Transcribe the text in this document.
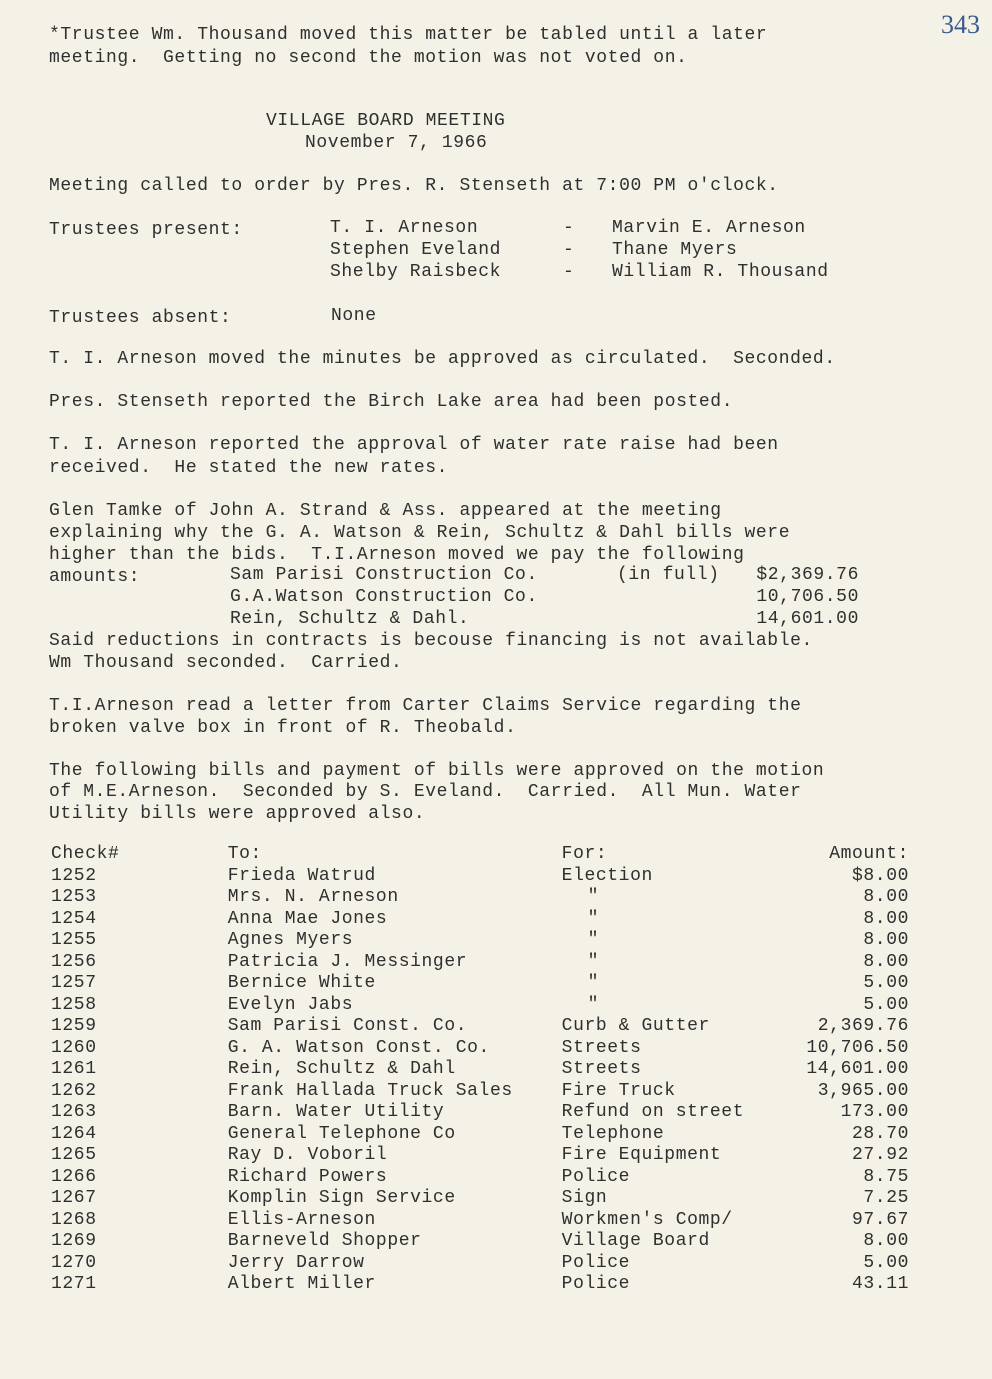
343
*Trustee Wm. Thousand moved this matter be tabled until a later
meeting.  Getting no second the motion was not voted on.
VILLAGE BOARD MEETING
November 7, 1966
Meeting called to order by Pres. R. Stenseth at 7:00 PM o'clock.
Trustees present:	T. I. Arneson	-	Marvin E. Arneson
Stephen Eveland	-	Thane Myers
Shelby Raisbeck	-	William R. Thousand
Trustees absent:	None
T. I. Arneson moved the minutes be approved as circulated.  Seconded.
Pres. Stenseth reported the Birch Lake area had been posted.
T. I. Arneson reported the approval of water rate raise had been
received.  He stated the new rates.
Glen Tamke of John A. Strand & Ass. appeared at the meeting
explaining why the G. A. Watson & Rein, Schultz & Dahl bills were
higher than the bids.  T.I.Arneson moved we pay the following
amounts:	Sam Parisi Construction Co.	(in full)	$2,369.76
G.A.Watson Construction Co.		10,706.50
Rein, Schultz & Dahl.		14,601.00
Said reductions in contracts is becouse financing is not available.
Wm Thousand seconded.  Carried.
T.I.Arneson read a letter from Carter Claims Service regarding the
broken valve box in front of R. Theobald.
The following bills and payment of bills were approved on the motion
of M.E.Arneson.  Seconded by S. Eveland.  Carried.  All Mun. Water
Utility bills were approved also.
Check#	To:	For:	Amount:
1252	Frieda Watrud	Election	$8.00
1253	Mrs. N. Arneson	"	8.00
1254	Anna Mae Jones	"	8.00
1255	Agnes Myers	"	8.00
1256	Patricia J. Messinger	"	8.00
1257	Bernice White	"	5.00
1258	Evelyn Jabs	"	5.00
1259	Sam Parisi Const. Co.	Curb & Gutter	2,369.76
1260	G. A. Watson Const. Co.	Streets	10,706.50
1261	Rein, Schultz & Dahl	Streets	14,601.00
1262	Frank Hallada Truck Sales	Fire Truck	3,965.00
1263	Barn. Water Utility	Refund on street	173.00
1264	General Telephone Co	Telephone	28.70
1265	Ray D. Voboril	Fire Equipment	27.92
1266	Richard Powers	Police	8.75
1267	Komplin Sign Service	Sign	7.25
1268	Ellis-Arneson	Workmen's Comp/	97.67
1269	Barneveld Shopper	Village Board	8.00
1270	Jerry Darrow	Police	5.00
1271	Albert Miller	Police	43.11
